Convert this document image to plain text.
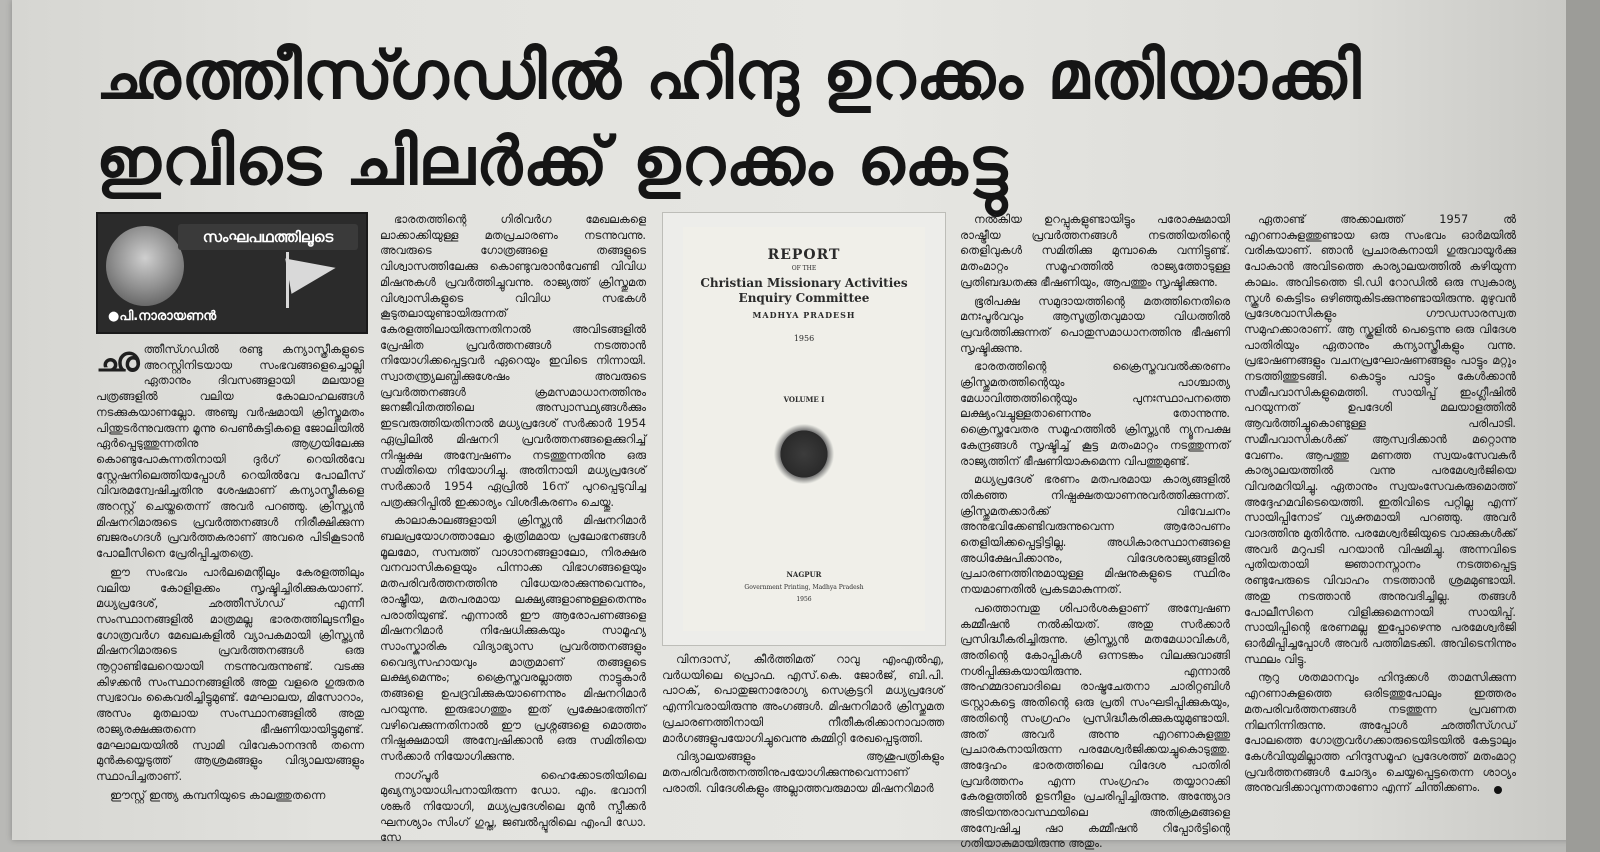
ഛത്തീസ്ഗഡിൽ ഹിന്ദു ഉറക്കം മതിയാക്കി
ഇവിടെ ചിലർക്ക് ഉറക്കം കെട്ടു
സംഘപഥത്തിലൂടെ
●പി.നാരായണൻ

ഛത്തീസ്ഗഡിൽ രണ്ടു കന്യാസ്ത്രീകളുടെ അറസ്റ്റിനിടയായ സംഭവങ്ങളെച്ചൊല്ലി ഏതാനും ദിവസങ്ങളായി മലയാള പത്രങ്ങളിൽ വലിയ കോലാഹലങ്ങൾ നടക്കുകയാണല്ലോ. അഞ്ചു വർഷമായി ക്രിസ്തുമതം പിന്തുടർന്നുവരുന്ന മൂന്നു പെൺകുട്ടികളെ ജോലിയിൽ ഏർപ്പെടുത്തുന്നതിനു ആഗ്രയിലേക്കു കൊണ്ടുപോകുന്നതിനായി ദുർഗ് റെയിൽവേ സ്റ്റേഷനിലെത്തിയപ്പോൾ റെയിൽവേ പോലീസ് വിവരമന്വേഷിച്ചതിനു ശേഷമാണ് കന്യാസ്ത്രീകളെ അറസ്റ്റ് ചെയ്തതെന്ന് അവർ പറഞ്ഞു. ക്രിസ്ത്യൻ മിഷനറിമാരുടെ പ്രവർത്തനങ്ങൾ നിരീക്ഷിക്കുന്ന ബജരംഗദൾ പ്രവർത്തകരാണ് അവരെ പിടികൂടാൻ പോലീസിനെ പ്രേരിപ്പിച്ചതത്രെ.

ഈ സംഭവം പാർലമെന്റിലും കേരളത്തിലും വലിയ കോളിളക്കം സൃഷ്ടിച്ചിരിക്കുകയാണ്. മധ്യപ്രദേശ്, ഛത്തീസ്ഗഡ് എന്നീ സംസ്ഥാനങ്ങളിൽ മാത്രമല്ല ഭാരതത്തിലുടനീളം ഗോത്രവർഗ മേഖലകളിൽ വ്യാപകമായി ക്രിസ്ത്യൻ മിഷനറിമാരുടെ പ്രവർത്തനങ്ങൾ ഒരു നൂറ്റാണ്ടിലേറെയായി നടന്നുവരുന്നുണ്ട്. വടക്കു കിഴക്കൻ സംസ്ഥാനങ്ങളിൽ അതു വളരെ ഗുരുതര സ്വഭാവം കൈവരിച്ചിട്ടുമുണ്ട്. മേഘാലയ, മിസോറാം, അസം മുതലായ സംസ്ഥാനങ്ങളിൽ അതു രാജ്യരക്ഷക്കുതന്നെ ഭീഷണിയായിട്ടുമുണ്ട്. മേഘാലയയിൽ സ്വാമി വിവേകാനന്ദൻ തന്നെ മുൻകയ്യെടുത്ത് ആശ്രമങ്ങളും വിദ്യാലയങ്ങളും സ്ഥാപിച്ചതാണ്.

ഈസ്റ്റ് ഇന്ത്യ കമ്പനിയുടെ കാലത്തുതന്നെ

ഭാരതത്തിന്റെ ഗിരിവർഗ മേഖലകളെ ലാക്കാക്കിയുള്ള മതപ്രചാരണം നടന്നുവന്നു. അവരുടെ ഗോത്രങ്ങളെ തങ്ങളുടെ വിശ്വാസത്തിലേക്കു കൊണ്ടുവരാൻവേണ്ടി വിവിധ മിഷനുകൾ പ്രവർത്തിച്ചുവന്നു. രാജ്യത്ത് ക്രിസ്തുമത വിശ്വാസികളുടെ വിവിധ സഭകൾ കൂടുതലായുണ്ടായിരുന്നത് കേരളത്തിലായിരുന്നതിനാൽ അവിടങ്ങളിൽ പ്രേഷിത പ്രവർത്തനങ്ങൾ നടത്താൻ നിയോഗിക്കപ്പെട്ടവർ ഏറെയും ഇവിടെ നിന്നായി. സ്വാതന്ത്ര്യലബ്ധിക്കുശേഷം അവരുടെ പ്രവർത്തനങ്ങൾ ക്രമസമാധാനത്തിനും ജനജീവിതത്തിലെ അസ്വാസ്ഥ്യങ്ങൾക്കും ഇടവരുത്തിയതിനാൽ മധ്യപ്രദേശ് സർക്കാർ 1954 ഏപ്രിലിൽ മിഷനറി പ്രവർത്തനങ്ങളെക്കുറിച്ച് നിഷ്പക്ഷ അന്വേഷണം നടത്തുന്നതിനു ഒരു സമിതിയെ നിയോഗിച്ചു. അതിനായി മധ്യപ്രദേശ് സർക്കാർ 1954 ഏപ്രിൽ 16ന് പുറപ്പെടുവിച്ച പത്രക്കുറിപ്പിൽ ഇക്കാര്യം വിശദീകരണം ചെയ്തു.

കാലാകാലങ്ങളായി ക്രിസ്ത്യൻ മിഷനറിമാർ ബലപ്രയോഗത്താലോ കൃത്രിമമായ പ്രലോഭനങ്ങൾ മൂലമോ, സമ്പത്ത് വാഗ്ദാനങ്ങളാലോ, നിരക്ഷര വനവാസികളെയും പിന്നാക്ക വിഭാഗങ്ങളെയും മതപരിവർത്തനത്തിനു വിധേയരാക്കുന്നുവെന്നും, രാഷ്ട്രീയ, മതപരമായ ലക്ഷ്യങ്ങളാണുള്ളതെന്നും പരാതിയുണ്ട്. എന്നാൽ ഈ ആരോപണങ്ങളെ മിഷനറിമാർ നിഷേധിക്കുകയും സാമൂഹ്യ സാംസ്കാരിക വിദ്യാഭ്യാസ പ്രവർത്തനങ്ങളും വൈദ്യസഹായവും മാത്രമാണ് തങ്ങളുടെ ലക്ഷ്യമെന്നും; ക്രൈസ്തവരല്ലാത്ത നാട്ടുകാർ തങ്ങളെ ഉപദ്രവിക്കുകയാണെന്നും മിഷനറിമാർ പറയുന്നു. ഇരുഭാഗത്തും ഇത് പ്രക്ഷോഭത്തിന് വഴിവെക്കുന്നതിനാൽ ഈ പ്രശ്നങ്ങളെ മൊത്തം നിഷ്പക്ഷമായി അന്വേഷിക്കാൻ ഒരു സമിതിയെ സർക്കാർ നിയോഗിക്കുന്നു.

നാഗ്പൂർ ഹൈക്കോടതിയിലെ മുഖ്യന്യായാധിപനായിരുന്ന ഡോ. എം. ഭവാനി ശങ്കർ നിയോഗി, മധ്യപ്രദേശിലെ മുൻ സ്പീക്കർ ഘനശ്യാം സിംഗ് ഗുപ്ത, ജബൽപ്പൂരിലെ എംപി ഡോ. സേ

REPORT
OF THE
Christian Missionary Activities
Enquiry Committee
MADHYA PRADESH
1956
VOLUME I
NAGPUR
Government Printing, Madhya Pradesh
1956

വിനദാസ്, കീർത്തിമത് റാവു എംഎൽഎ, വർധയിലെ പ്രൊഫ. എസ്.കെ. ജോർജ്, ബി.പി. പാഠക്, പൊതുജനാരോഗ്യ സെക്രട്ടറി മധ്യപ്രദേശ് എന്നിവരായിരുന്നു അംഗങ്ങൾ. മിഷനറിമാർ ക്രിസ്തുമത പ്രചാരണത്തിനായി നീതീകരിക്കാനാവാത്ത മാർഗങ്ങളുപയോഗിച്ചുവെന്നു കമ്മിറ്റി രേഖപ്പെടുത്തി.

വിദ്യാലയങ്ങളും ആശുപത്രികളും മതപരിവർത്തനത്തിനുപയോഗിക്കുന്നുവെന്നാണ് പരാതി. വിദേശികളും അല്ലാത്തവരുമായ മിഷനറിമാർ

നൽകിയ ഉറപ്പുകളുണ്ടായിട്ടും പരോക്ഷമായി രാഷ്ട്രീയ പ്രവർത്തനങ്ങൾ നടത്തിയതിന്റെ തെളിവുകൾ സമിതിക്കു മുമ്പാകെ വന്നിട്ടുണ്ട്. മതംമാറ്റം സമൂഹത്തിൽ രാജ്യത്തോടുള്ള പ്രതിബദ്ധതക്കു ഭീഷണിയും, ആപത്തും സൃഷ്ടിക്കുന്നു.

ഭൂരിപക്ഷ സമുദായത്തിന്റെ മതത്തിനെതിരെ മനഃപൂർവവും ആസൂത്രിതവുമായ വിധത്തിൽ പ്രവർത്തിക്കുന്നത് പൊതുസമാധാനത്തിനു ഭീഷണി സൃഷ്ടിക്കുന്നു.

ഭാരതത്തിന്റെ ക്രൈസ്തവവൽക്കരണം ക്രിസ്തുമതത്തിന്റെയും പാശ്ചാത്യ മേധാവിത്തത്തിന്റെയും പുനഃസ്ഥാപനത്തെ ലക്ഷ്യംവച്ചുള്ളതാണെന്നും തോന്നുന്നു. ക്രൈസ്തവേതര സമൂഹത്തിൽ ക്രിസ്ത്യൻ ന്യൂനപക്ഷ കേന്ദ്രങ്ങൾ സൃഷ്ടിച്ച് കൂട്ട മതംമാറ്റം നടത്തുന്നത് രാജ്യത്തിന് ഭീഷണിയാകുമെന്ന വിപത്തുമുണ്ട്.

മധ്യപ്രദേശ് ഭരണം മതപരമായ കാര്യങ്ങളിൽ തികഞ്ഞ നിഷ്പക്ഷതയാണനുവർത്തിക്കുന്നത്. ക്രിസ്തുമതക്കാർക്ക് വിവേചനം അനുഭവിക്കേണ്ടിവരുന്നുവെന്ന ആരോപണം തെളിയിക്കപ്പെട്ടിട്ടില്ല. അധികാരസ്ഥാനങ്ങളെ അധിക്ഷേപിക്കാനും, വിദേശരാജ്യങ്ങളിൽ പ്രചാരണത്തിനുമായുള്ള മിഷനുകളുടെ സ്ഥിരം നയമാണതിൽ പ്രകടമാകുന്നത്.

പത്തൊമ്പതു ശിപാർശകളാണ് അന്വേഷണ കമ്മീഷൻ നൽകിയത്. അതു സർക്കാർ പ്രസിദ്ധീകരിച്ചിരുന്നു. ക്രിസ്ത്യൻ മതമേധാവികൾ, അതിന്റെ കോപ്പികൾ ഒന്നടങ്കം വിലക്കുവാങ്ങി നശിപ്പിക്കുകയായിരുന്നു. എന്നാൽ അഹമ്മദാബാദിലെ രാഷ്ട്രചേതനാ ചാരിറ്റബിൾ ട്രസ്റ്റാകട്ടെ അതിന്റെ ഒരു പ്രതി സംഘടിപ്പിക്കുകയും, അതിന്റെ സംഗ്രഹം പ്രസിദ്ധീകരിക്കുകയുമുണ്ടായി. അത് അവർ അന്നു എറണാകുളത്തു പ്രചാരകനായിരുന്ന പരമേശ്വർജിക്കയച്ചുകൊടുത്തു. അദ്ദേഹം ഭാരതത്തിലെ വിദേശ പാതിരി പ്രവർത്തനം എന്ന സംഗ്രഹം തയ്യാറാക്കി കേരളത്തിൽ ഉടനീളം പ്രചരിപ്പിച്ചിരുന്നു. അന്ത്യോദ അടിയന്തരാവസ്ഥയിലെ അതിക്രമങ്ങളെ അന്വേഷിച്ച ഷാ കമ്മീഷൻ റിപ്പോർട്ടിന്റെ ഗതിയാകുമായിരുന്നു അതും.

ഏതാണ്ട് അക്കാലത്ത് 1957 ൽ എറണാകുളത്തുണ്ടായ ഒരു സംഭവം ഓർമയിൽ വരികയാണ്. ഞാൻ പ്രചാരകനായി ഗുരുവായൂർക്കു പോകാൻ അവിടത്തെ കാര്യാലയത്തിൽ കഴിയുന്ന കാലം. അവിടത്തെ ടി.ഡി റോഡിൽ ഒരു സ്വകാര്യ സ്കൂൾ കെട്ടിടം ഒഴിഞ്ഞുകിടക്കുന്നുണ്ടായിരുന്നു. മുഴുവൻ പ്രദേശവാസികളും ഗൗഡസാരസ്വത സമുഹക്കാരാണ്. ആ സ്കൂളിൽ പെട്ടെന്നു ഒരു വിദേശ പാതിരിയും ഏതാനും കന്യാസ്ത്രീകളും വന്നു. പ്രഭാഷണങ്ങളും വചനപ്രഘോഷണങ്ങളും പാട്ടും മറ്റും നടത്തിത്തുടങ്ങി. കൊട്ടും പാട്ടും കേൾക്കാൻ സമീപവാസികളുമെത്തി. സായിപ്പ് ഇംഗ്ലീഷിൽ പറയുന്നത് ഉപദേശി മലയാളത്തിൽ ആവർത്തിച്ചുകൊണ്ടുള്ള പരിപാടി. സമീപവാസികൾക്ക് ആസ്വദിക്കാൻ മറ്റൊന്നു വേണം. ആപത്തു മണത്ത സ്വയംസേവകർ കാര്യാലയത്തിൽ വന്നു പരമേശ്വർജിയെ വിവരമറിയിച്ചു. ഏതാനും സ്വയംസേവകരുമൊത്ത് അദ്ദേഹമവിടെയെത്തി. ഇതിവിടെ പറ്റില്ല എന്ന് സായിപ്പിനോട് വ്യക്തമായി പറഞ്ഞു. അവർ വാദത്തിനു മുതിർന്നു. പരമേശ്വർജിയുടെ വാക്കുകൾക്ക് അവർ മറുപടി പറയാൻ വിഷമിച്ചു. അന്നവിടെ പുതിയതായി ജ്ഞാനസ്നാനം നടത്തപ്പെട്ട രണ്ടുപേരുടെ വിവാഹം നടത്താൻ ശ്രമമുണ്ടായി. അതു നടത്താൻ അനുവദിച്ചില്ല. തങ്ങൾ പോലീസിനെ വിളിക്കുമെന്നായി സായിപ്പ്. സായിപ്പിന്റെ ഭരണമല്ല ഇപ്പോഴെന്നു പരമേശ്വർജി ഓർമിപ്പിച്ചപ്പോൾ അവർ പത്തിമടക്കി. അവിടെനിന്നും സ്ഥലം വിട്ടു.

നൂറു ശതമാനവും ഹിന്ദുക്കൾ താമസിക്കുന്ന എറണാകുളത്തെ ഒരിടത്തുപോലും ഇത്തരം മതപരിവർത്തനങ്ങൾ നടത്തുന്ന പ്രവണത നിലനിന്നിരുന്നു. അപ്പോൾ ഛത്തീസ്ഗഡ് പോലത്തെ ഗോത്രവർഗക്കാരുടെയിടയിൽ കേട്ടാലും കേൾവിയുമില്ലാത്ത ഹിന്ദുസമൂഹ പ്രദേശത്ത് മതംമാറ്റ പ്രവർത്തനങ്ങൾ ചോദ്യം ചെയ്യപ്പെട്ടതെന്ന ശാഠ്യം അനുവദിക്കാവുന്നതാണോ എന്ന് ചിന്തിക്കണം.
